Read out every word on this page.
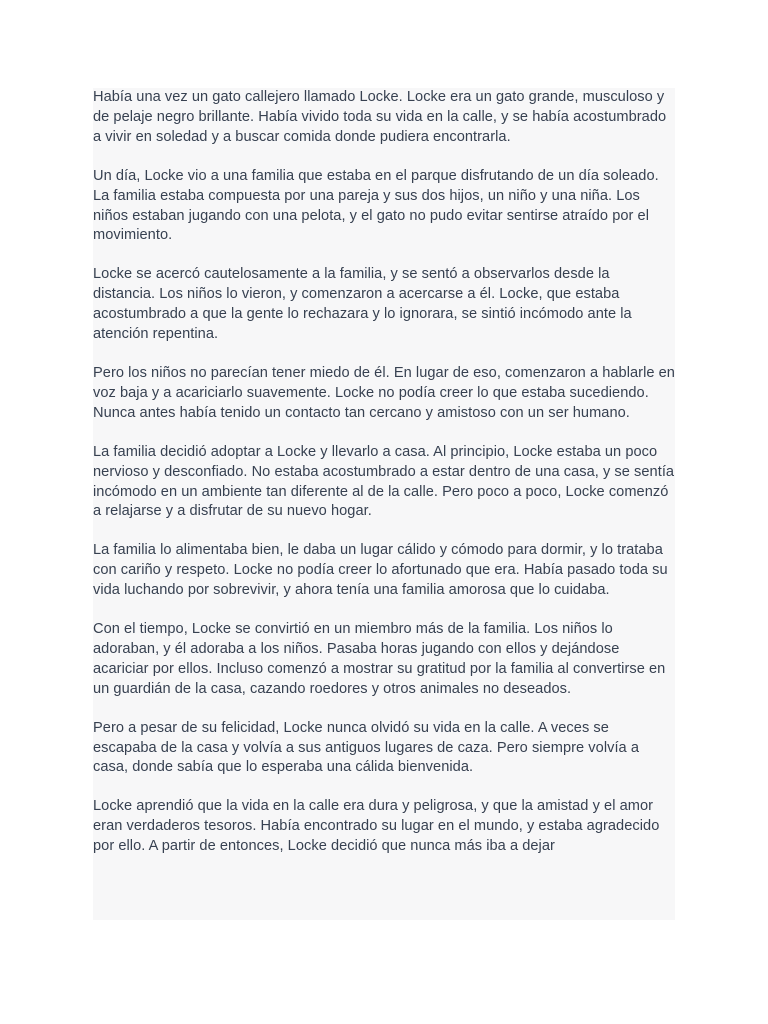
Había una vez un gato callejero llamado Locke. Locke era un gato grande, musculoso y de pelaje negro brillante. Había vivido toda su vida en la calle, y se había acostumbrado a vivir en soledad y a buscar comida donde pudiera encontrarla.

Un día, Locke vio a una familia que estaba en el parque disfrutando de un día soleado. La familia estaba compuesta por una pareja y sus dos hijos, un niño y una niña. Los niños estaban jugando con una pelota, y el gato no pudo evitar sentirse atraído por el movimiento.

Locke se acercó cautelosamente a la familia, y se sentó a observarlos desde la distancia. Los niños lo vieron, y comenzaron a acercarse a él. Locke, que estaba acostumbrado a que la gente lo rechazara y lo ignorara, se sintió incómodo ante la atención repentina.

Pero los niños no parecían tener miedo de él. En lugar de eso, comenzaron a hablarle en voz baja y a acariciarlo suavemente. Locke no podía creer lo que estaba sucediendo. Nunca antes había tenido un contacto tan cercano y amistoso con un ser humano.

La familia decidió adoptar a Locke y llevarlo a casa. Al principio, Locke estaba un poco nervioso y desconfiado. No estaba acostumbrado a estar dentro de una casa, y se sentía incómodo en un ambiente tan diferente al de la calle. Pero poco a poco, Locke comenzó a relajarse y a disfrutar de su nuevo hogar.

La familia lo alimentaba bien, le daba un lugar cálido y cómodo para dormir, y lo trataba con cariño y respeto. Locke no podía creer lo afortunado que era. Había pasado toda su vida luchando por sobrevivir, y ahora tenía una familia amorosa que lo cuidaba.

Con el tiempo, Locke se convirtió en un miembro más de la familia. Los niños lo adoraban, y él adoraba a los niños. Pasaba horas jugando con ellos y dejándose acariciar por ellos. Incluso comenzó a mostrar su gratitud por la familia al convertirse en un guardián de la casa, cazando roedores y otros animales no deseados.

Pero a pesar de su felicidad, Locke nunca olvidó su vida en la calle. A veces se escapaba de la casa y volvía a sus antiguos lugares de caza. Pero siempre volvía a casa, donde sabía que lo esperaba una cálida bienvenida.

Locke aprendió que la vida en la calle era dura y peligrosa, y que la amistad y el amor eran verdaderos tesoros. Había encontrado su lugar en el mundo, y estaba agradecido por ello. A partir de entonces, Locke decidió que nunca más iba a dejar
